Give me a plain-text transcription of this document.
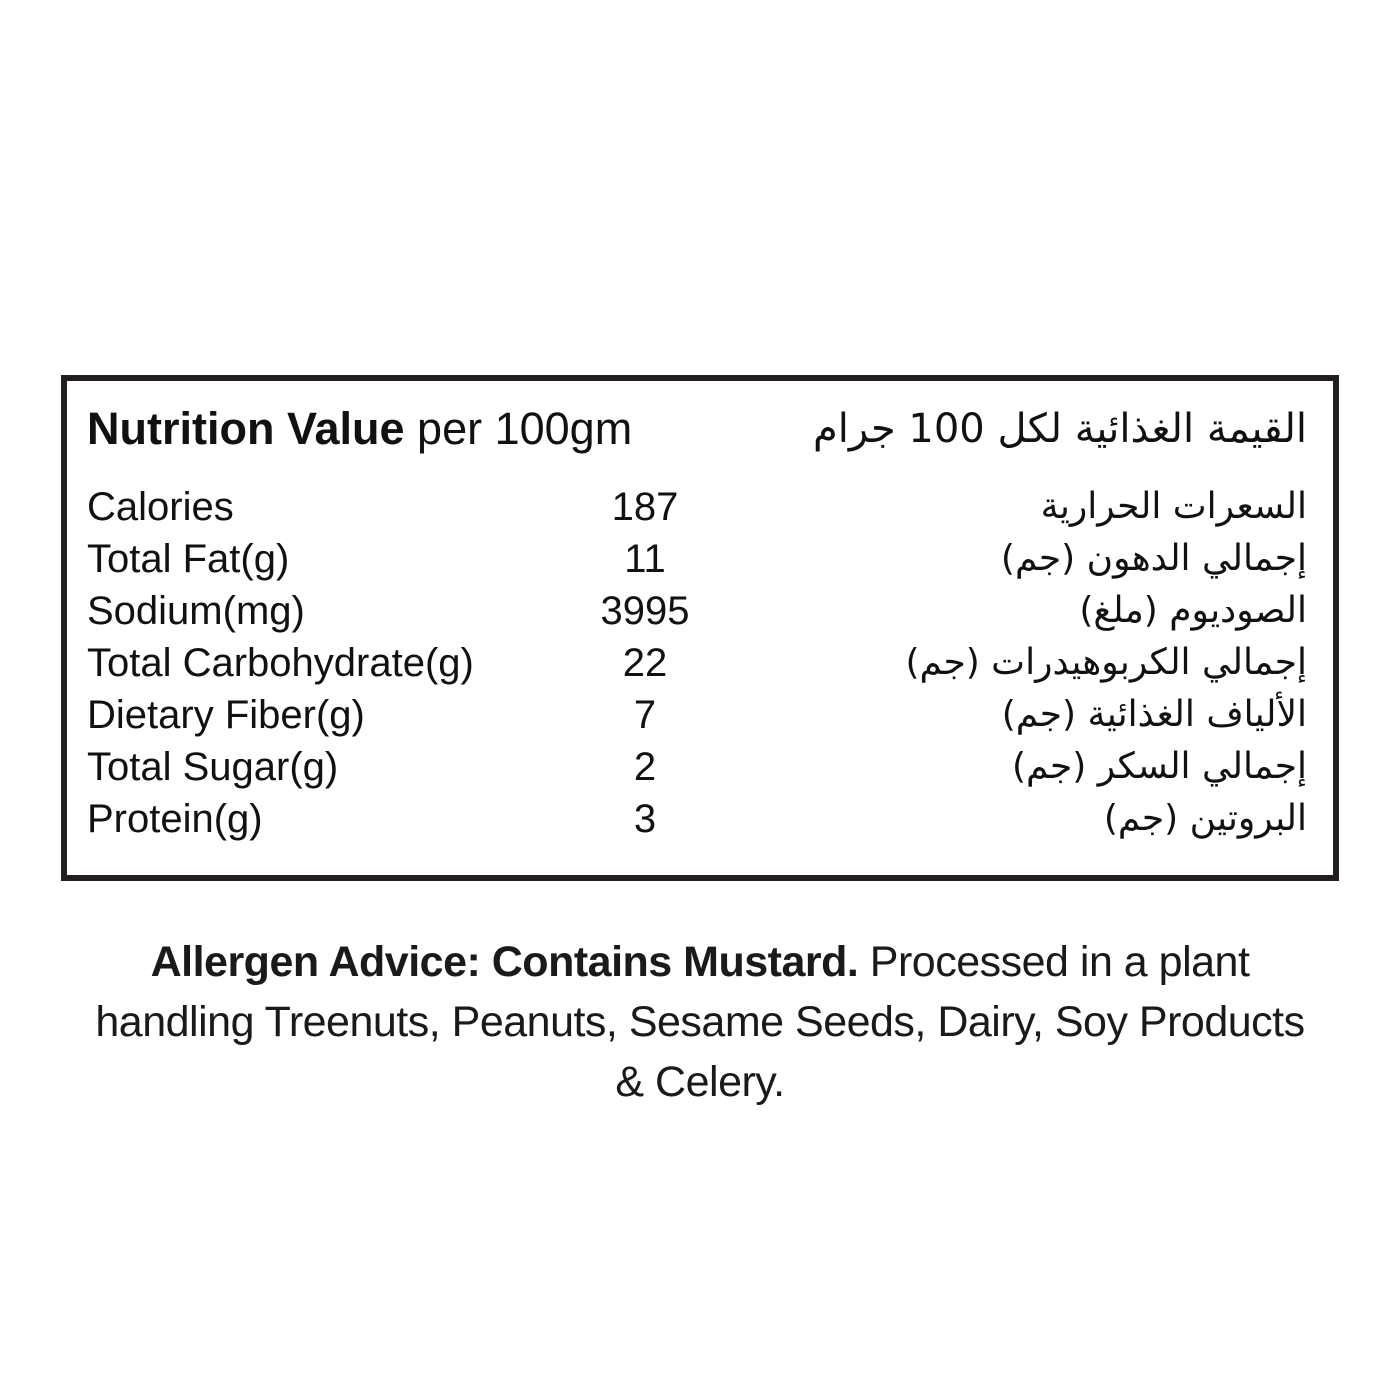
Nutrition Value per 100gm	القيمة الغذائية لكل 100 جرام
Calories	187	السعرات الحرارية
Total Fat(g)	11	إجمالي الدهون (جم)
Sodium(mg)	3995	الصوديوم (ملغ)
Total Carbohydrate(g)	22	إجمالي الكربوهيدرات (جم)
Dietary Fiber(g)	7	الألياف الغذائية (جم)
Total Sugar(g)	2	إجمالي السكر (جم)
Protein(g)	3	البروتين (جم)
Allergen Advice: Contains Mustard. Processed in a plant handling Treenuts, Peanuts, Sesame Seeds, Dairy, Soy Products & Celery.
